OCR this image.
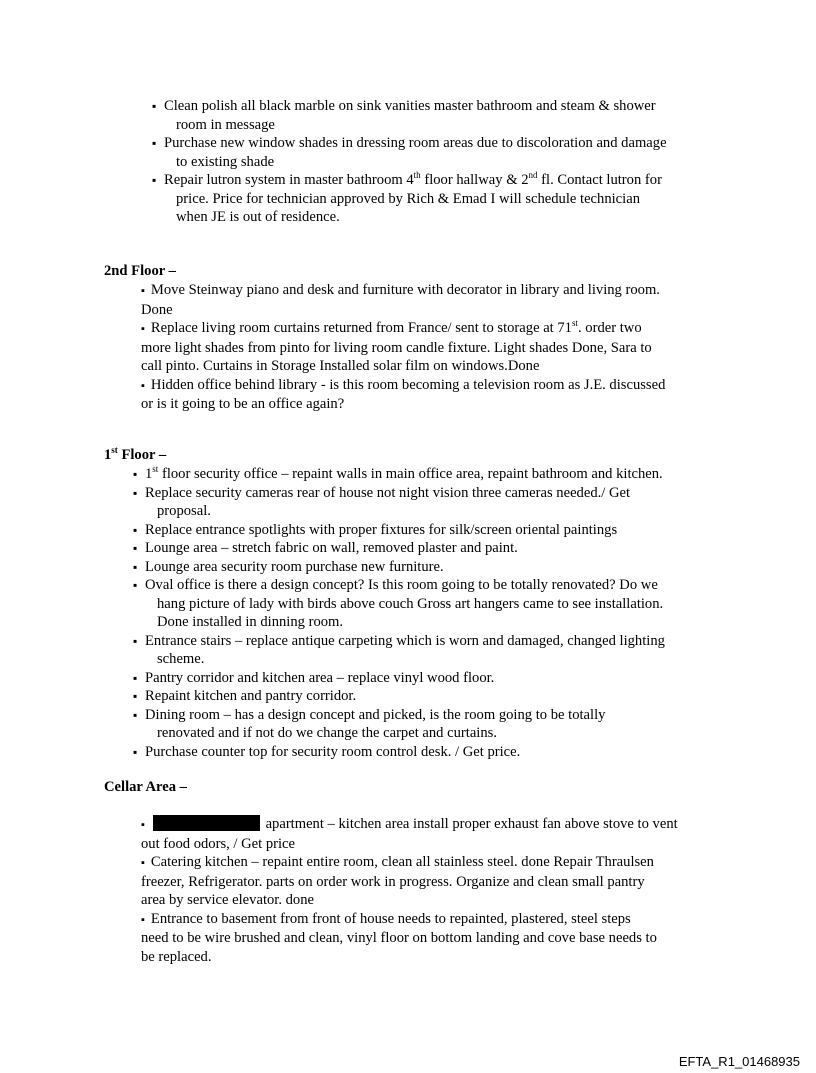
▪ Clean polish all black marble on sink vanities master bathroom and steam & shower
room in message
▪ Purchase new window shades in dressing room areas due to discoloration and damage
to existing shade
▪ Repair lutron system in master bathroom 4th floor hallway & 2nd fl. Contact lutron for
price. Price for technician approved by Rich & Emad I will schedule technician
when JE is out of residence.
2nd Floor –
▪ Move Steinway piano and desk and furniture with decorator in library and living room.
Done
▪ Replace living room curtains returned from France/ sent to storage at 71st. order two
more light shades from pinto for living room candle fixture. Light shades Done, Sara to
call pinto. Curtains in Storage Installed solar film on windows.Done
▪ Hidden office behind library - is this room becoming a television room as J.E. discussed
or is it going to be an office again?
1st Floor –
▪ 1st floor security office – repaint walls in main office area, repaint bathroom and kitchen.
▪ Replace security cameras rear of house not night vision three cameras needed./ Get
proposal.
▪ Replace entrance spotlights with proper fixtures for silk/screen oriental paintings
▪ Lounge area – stretch fabric on wall, removed plaster and paint.
▪ Lounge area security room purchase new furniture.
▪ Oval office is there a design concept? Is this room going to be totally renovated? Do we
hang picture of lady with birds above couch Gross art hangers came to see installation.
Done installed in dinning room.
▪ Entrance stairs – replace antique carpeting which is worn and damaged, changed lighting
scheme.
▪ Pantry corridor and kitchen area – replace vinyl wood floor.
▪ Repaint kitchen and pantry corridor.
▪ Dining room – has a design concept and picked, is the room going to be totally
renovated and if not do we change the carpet and curtains.
▪ Purchase counter top for security room control desk. / Get price.
Cellar Area –
▪	apartment – kitchen area install proper exhaust fan above stove to vent
out food odors, / Get price
▪ Catering kitchen – repaint entire room, clean all stainless steel. done Repair Thraulsen
freezer, Refrigerator. parts on order work in progress. Organize and clean small pantry
area by service elevator. done
▪ Entrance to basement from front of house needs to repainted, plastered, steel steps
need to be wire brushed and clean, vinyl floor on bottom landing and cove base needs to
be replaced.
EFTA_R1_01468935
